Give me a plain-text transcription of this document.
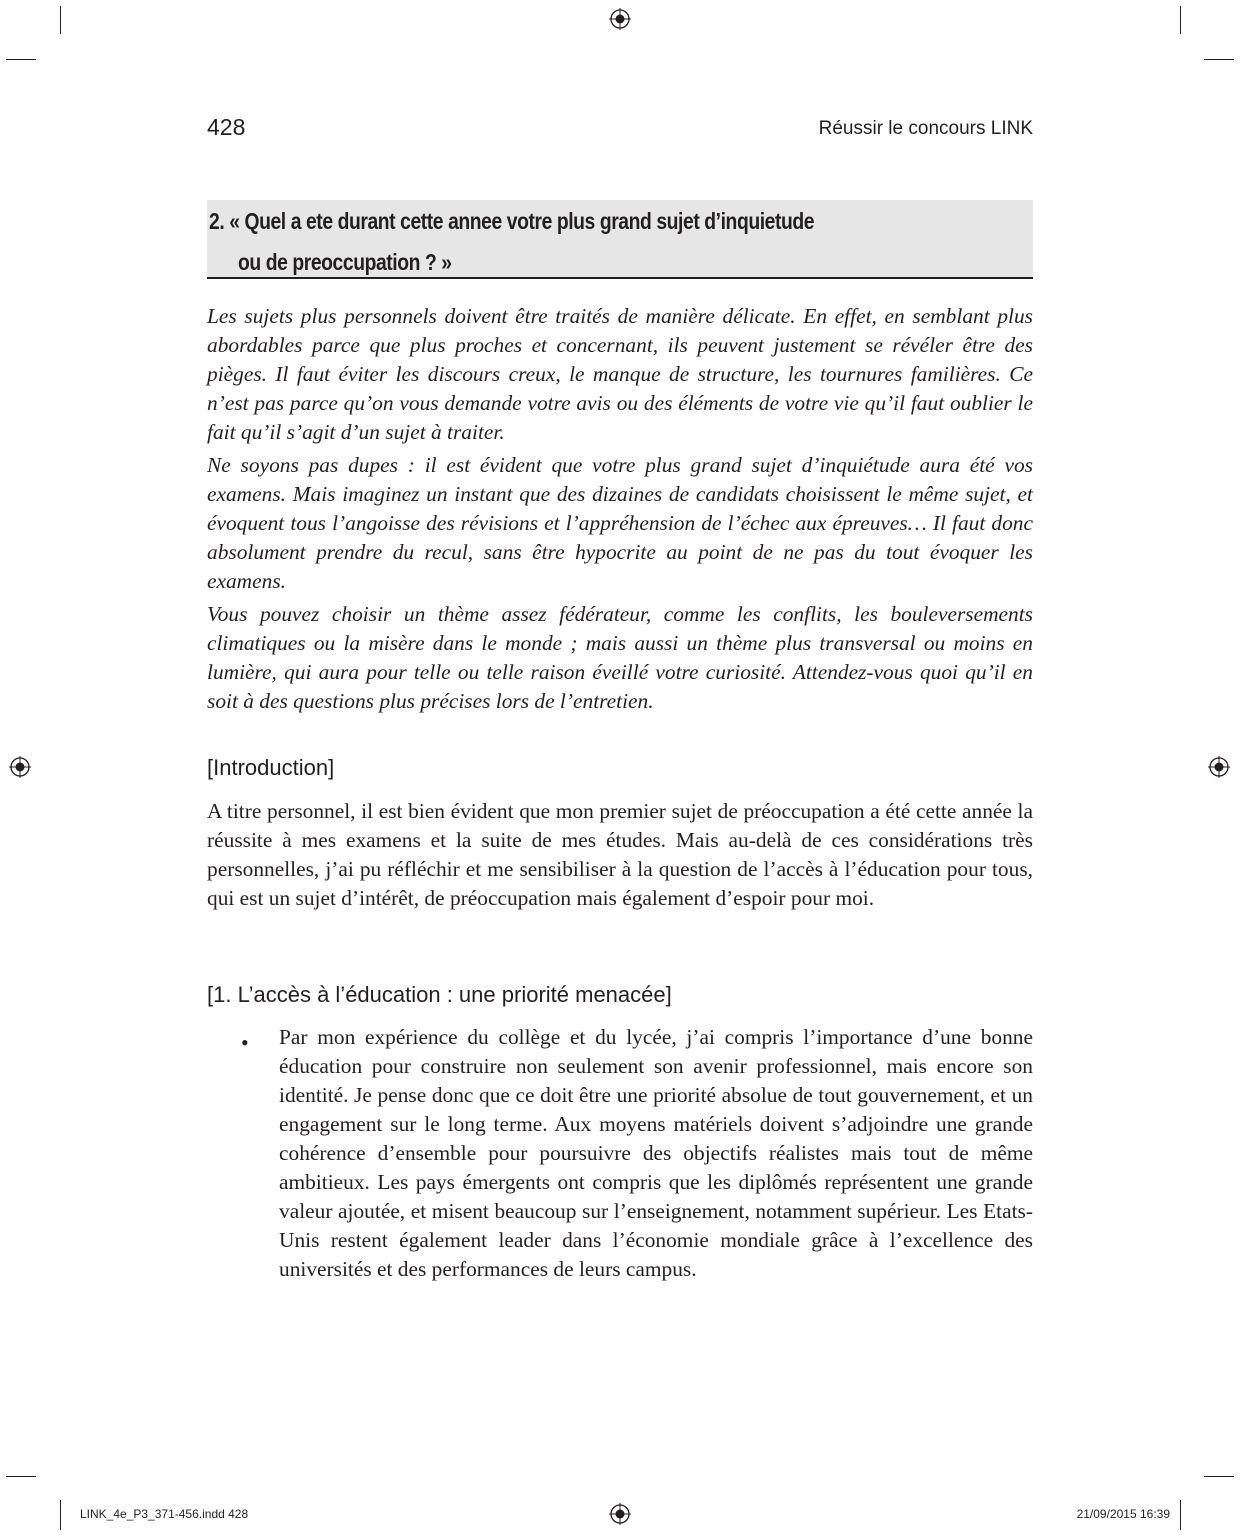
428	Réussir le concours LINK
2. « Quel a ete durant cette annee votre plus grand sujet d’inquietude
ou de preoccupation ? »

Les sujets plus personnels doivent être traités de manière délicate. En effet, en semblant plus abordables parce que plus proches et concernant, ils peuvent justement se révéler être des pièges. Il faut éviter les discours creux, le manque de structure, les tournures familières. Ce n’est pas parce qu’on vous demande votre avis ou des éléments de votre vie qu’il faut oublier le fait qu’il s’agit d’un sujet à traiter.

Ne soyons pas dupes : il est évident que votre plus grand sujet d’inquiétude aura été vos examens. Mais imaginez un instant que des dizaines de candidats choisissent le même sujet, et évoquent tous l’angoisse des révisions et l’appréhension de l’échec aux épreuves… Il faut donc absolument prendre du recul, sans être hypocrite au point de ne pas du tout évoquer les examens.

Vous pouvez choisir un thème assez fédérateur, comme les conflits, les bouleversements climatiques ou la misère dans le monde ; mais aussi un thème plus transversal ou moins en lumière, qui aura pour telle ou telle raison éveillé votre curiosité. Attendez-vous quoi qu’il en soit à des questions plus précises lors de l’entretien.

[Introduction]

A titre personnel, il est bien évident que mon premier sujet de préoccupation a été cette année la réussite à mes examens et la suite de mes études. Mais au-delà de ces considérations très personnelles, j’ai pu réfléchir et me sensibiliser à la question de l’accès à l’éducation pour tous, qui est un sujet d’intérêt, de préoccupation mais également d’espoir pour moi.

[1. L’accès à l’éducation : une priorité menacée]
• Par mon expérience du collège et du lycée, j’ai compris l’importance d’une bonne éducation pour construire non seulement son avenir professionnel, mais encore son identité. Je pense donc que ce doit être une priorité absolue de tout gouvernement, et un engagement sur le long terme. Aux moyens matériels doivent s’adjoindre une grande cohérence d’ensemble pour poursuivre des objectifs réalistes mais tout de même ambitieux. Les pays émergents ont compris que les diplômés représentent une grande valeur ajoutée, et misent beaucoup sur l’enseignement, notamment supérieur. Les Etats-Unis restent également leader dans l’économie mondiale grâce à l’excellence des universités et des performances de leurs campus.

LINK_4e_P3_371-456.indd 428	21/09/2015 16:39
